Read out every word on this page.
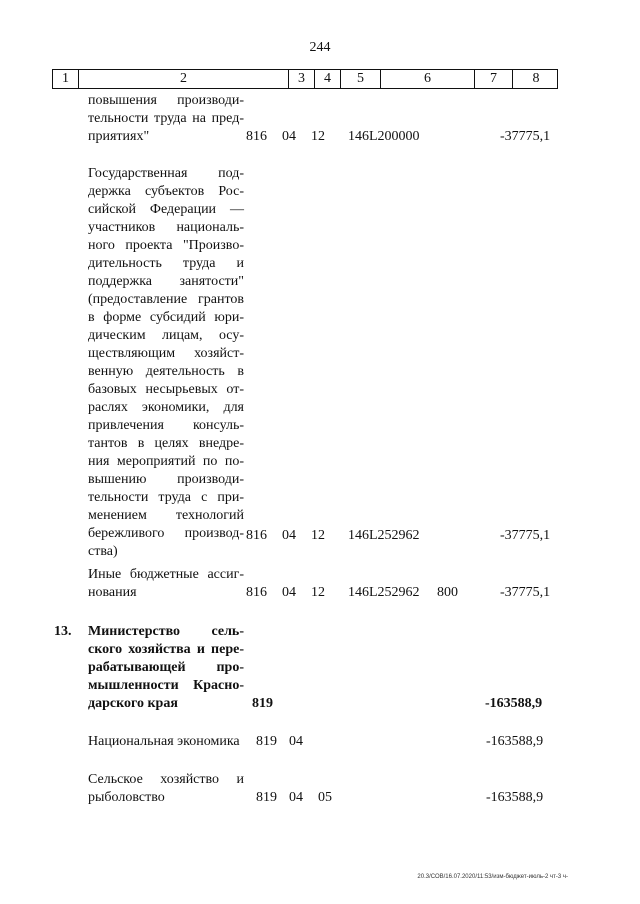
244
1	2	3	4	5	6	7	8
повышения производи-
тельности труда на пред-
приятиях"	816 04 12 146L200000	-37775,1
Государственная под-
держка субъектов Рос-
сийской Федерации —
участников националь-
ного проекта "Произво-
дительность труда и
поддержка занятости"
(предоставление грантов
в форме субсидий юри-
дическим лицам, осу-
ществляющим хозяйст-
венную деятельность в
базовых несырьевых от-
раслях экономики, для
привлечения консуль-
тантов в целях внедре-
ния мероприятий по по-
вышению производи-
тельности труда с при-
менением технологий
бережливого производ-
ства)
816 04 12 146L252962	-37775,1
Иные бюджетные ассиг-
нования	816 04 12 146L252962 800	-37775,1
13. Министерство сель-
ского хозяйства и пере-
рабатывающей про-
мышленности Красно-
дарского края	819	-163588,9
Национальная экономика	819 04	-163588,9
Сельское хозяйство и
рыболовство	819 04 05	-163588,9
20.3/СОВ/16.07.2020/11:53/изм-бюджет-июль-2 чт-3 ч-
